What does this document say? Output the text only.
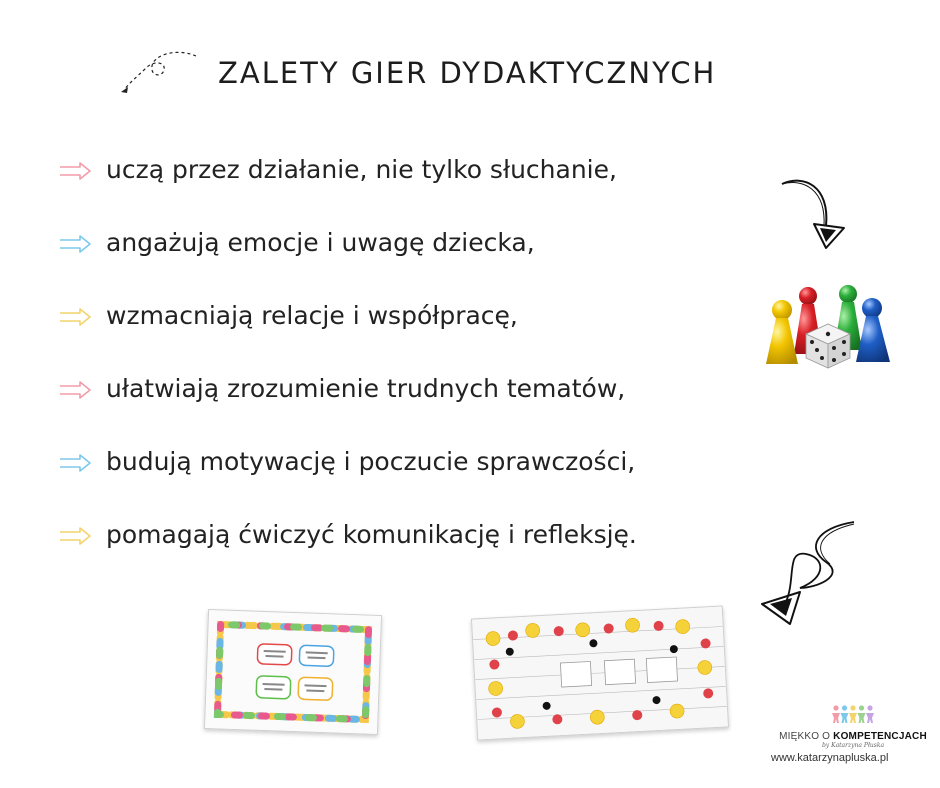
ZALETY GIER DYDAKTYCZNYCH
uczą przez działanie, nie tylko słuchanie,
angażują emocje i uwagę dziecka,
wzmacniają relacje i współpracę,
ułatwiają zrozumienie trudnych tematów,
budują motywację i poczucie sprawczości,
pomagają ćwiczyć komunikację i refleksję.
MIĘKKO O KOMPETENCJACH
by Katarzyna Płuska
www.katarzynapluska.pl
